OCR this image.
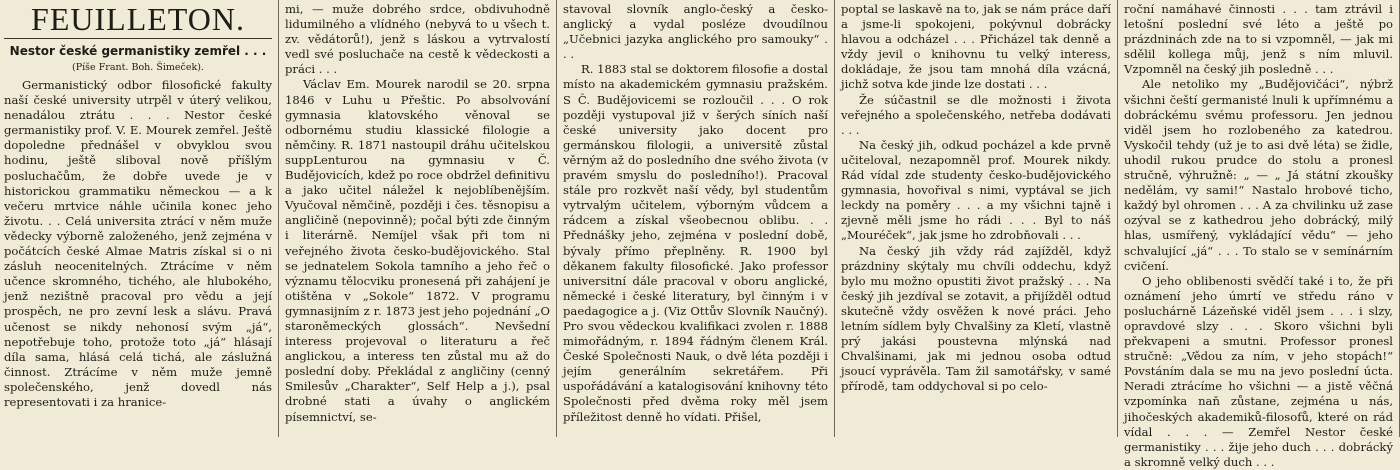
FEUILLETON.
Nestor české germanistiky zemřel . . .
(Píše Frant. Boh. Šimeček).
Germanistický odbor filosofické fakulty naší české university utrpěl v úterý velikou, nenadálou ztrátu . . . Nestor české germanistiky prof. V. E. Mourek zemřel. Ještě dopoledne přednášel v obvyklou svou hodinu, ještě sliboval nově příšlým posluchačům, že dobře uvede je v historickou grammatiku německou — a k večeru mrtvice náhle učinila konec jeho životu. . . Celá universita ztrácí v něm muže vědecky výborně založeného, jenž zejména v počátcích české Almae Matris získal si o ni zásluh neocenitelných. Ztrácíme v něm učence skromného, tichého, ale hlubokého, jenž nezištně pracoval pro vědu a její prospěch, ne pro zevní lesk a slávu. Pravá učenost se nikdy nehonosí svým „já“, nepotřebuje toho, protože toto „já“ hlásají díla sama, hlásá celá tichá, ale záslužná činnost. Ztrácíme v něm muže jemně společenského, jenž dovedl nás representovati i za hranice-
mi, — muže dobrého srdce, obdivuhodně lidumilného a vlídného (nebyvá to u všech t. zv. vědátorů!), jenž s láskou a vytrvalostí vedl své posluchače na cestě k vědeckosti a práci . . .
Václav Em. Mourek narodil se 20. srpna 1846 v Luhu u Přeštic. Po absolvování gymnasia klatovského věnoval se odbornému studiu klassické filologie a němčiny. R. 1871 nastoupil dráhu učitelskou suppLenturou na gymnasiu v Č. Budějovicích, kdež po roce obdržel definitivu a jako učitel náležel k nejoblíbenějším. Vyučoval němčině, později i čes. těsnopisu a angličině (nepovinně); počal býti zde činným i literárně. Nemíjel však při tom ni veřejného života česko-budějovického. Stal se jednatelem Sokola tamního a jeho řeč o významu tělocviku pronesená při zahájení je otištěna v „Sokole“ 1872. V programu gymnasijním z r. 1873 jest jeho pojednání „O staroněmeckých glossách“. Nevšední interess projevoval o literaturu a řeč anglickou, a interess ten zůstal mu až do poslední doby. Překládal z angličiny (cenný Smilesův „Charakter“, Self Help a j.), psal drobné stati a úvahy o anglickém písemnictví, se-
stavoval slovník anglo-český a česko-anglický a vydal posléze dvoudílnou „Učebnici jazyka anglického pro samouky“ . . .
R. 1883 stal se doktorem filosofie a dostal místo na akademickém gymnasiu pražském. S Č. Budějovicemi se rozloučil . . . O rok později vystupoval již v šerých síních naší české university jako docent pro germánskou filologii, a universitě zůstal věrným až do posledního dne svého života (v pravém smyslu do posledního!). Pracoval stále pro rozkvět naší vědy, byl studentům vytrvalým učitelem, výborným vůdcem a rádcem a získal všeobecnou oblibu. . . Přednášky jeho, zejména v poslední době, bývaly přímo přeplněny. R. 1900 byl děkanem fakulty filosofické. Jako professor universitní dále pracoval v oboru anglické, německé i české literatury, byl činným i v paedagogice a j. (Viz Ottův Slovník Naučný). Pro svou vědeckou kvalifikaci zvolen r. 1888 mimořádným, r. 1894 řádným členem Král. České Společnosti Nauk, o dvě léta později i jejím generálním sekretářem. Při uspořádávání a katalogisování knihovny této Společnosti před dvěma roky měl jsem příležitost denně ho vídati. Přišel,
poptal se laskavě na to, jak se nám práce daří a jsme-li spokojeni, pokývnul dobrácky hlavou a odcházel . . . Přicházel tak denně a vždy jevil o knihovnu tu velký interess, dokládaje, že jsou tam mnohá díla vzácná, jichž sotva kde jinde lze dostati . . .
Že súčastnil se dle možnosti i života veřejného a společenského, netřeba dodávati . . .
Na český jih, odkud pocházel a kde prvně učiteloval, nezapomněl prof. Mourek nikdy. Rád vídal zde studenty česko-budějovického gymnasia, hovořival s nimi, vyptával se jich leckdy na poměry . . . a my všichni tajně i zjevně měli jsme ho rádi . . . Byl to náš „Mouréček“, jak jsme ho zdrobňovali . . .
Na český jih vždy rád zajížděl, když prázdniny skýtaly mu chvíli oddechu, když bylo mu možno opustiti život pražský . . . Na český jih jezdíval se zotavit, a přijížděl odtud skutečně vždy osvěžen k nové práci. Jeho letním sídlem byly Chvalšiny za Kletí, vlastně prý jakási poustevna mlýnská nad Chvalšinami, jak mi jednou osoba odtud jsoucí vyprávěla. Tam žil samotářsky, v samé přírodě, tam oddychoval si po celo-
roční namáhavé činnosti . . . tam ztrávil i letošní poslední své léto a ještě po prázdninách zde na to si vzpomněl, — jak mi sdělil kollega můj, jenž s ním mluvil. Vzpomněl na český jih posledně . . .
Ale netoliko my „Budějovičáci“, nýbrž všichni čeští germanisté lnuli k upřímnému a dobráckému svému professoru. Jen jednou viděl jsem ho rozlobeného za katedrou. Vyskočil tehdy (už je to asi dvě léta) se židle, uhodil rukou prudce do stolu a pronesl stručně, výhružně: „ — „ Já státní zkoušky nedělám, vy sami!“ Nastalo hrobové ticho, každý byl ohromen . . . A za chvilinku už zase ozýval se z kathedrou jeho dobrácký, milý hlas, usmířený, vykládající vědu“ — jeho schvalující „já“ . . . To stalo se v semínárním cvičení.
O jeho oblibenosti svědčí také i to, že při oznámení jeho úmrtí ve středu ráno v posluchárně Lázeňské viděl jsem . . . i slzy, opravdové slzy . . . Skoro všichni byli překvapeni a smutni. Professor pronesl stručně: „Vědou za ním, v jeho stopách!“ Povstáním dala se mu na jevo poslední úcta. Neradi ztrácíme ho všichni — a jistě věčná vzpomínka naň zůstane, zejména u nás, jihočeských akademiků-filosofů, které on rád vídal . . . — Zemřel Nestor české germanistiky . . . žije jeho duch . . . dobrácký a skromně velký duch . . .
